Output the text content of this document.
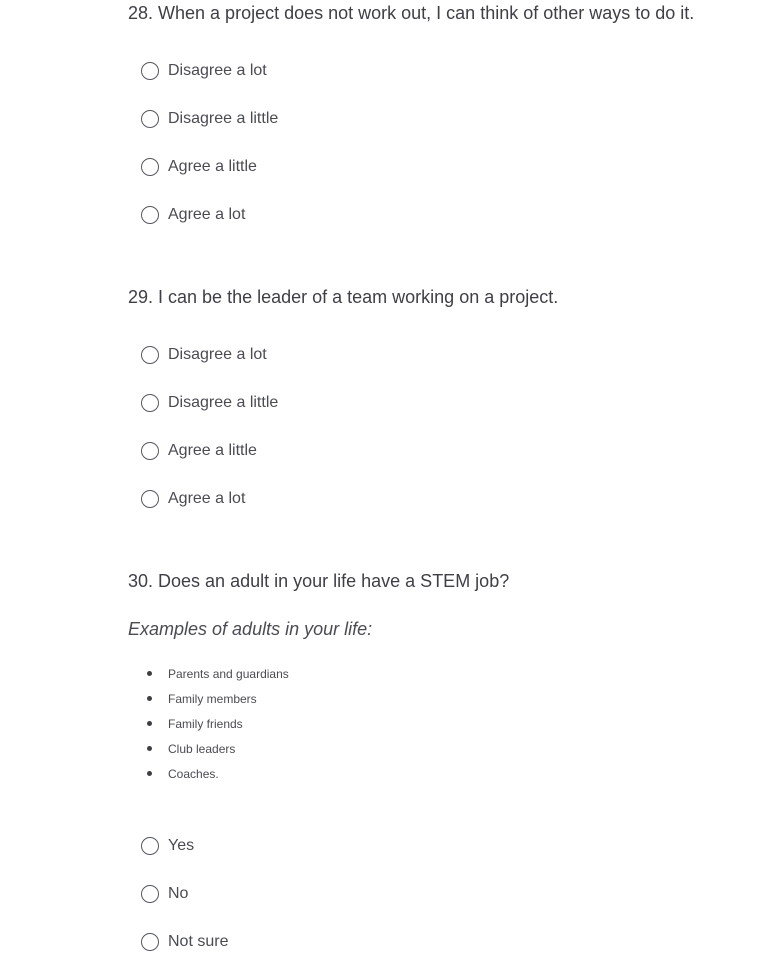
28. When a project does not work out, I can think of other ways to do it.

Disagree a lot
Disagree a little
Agree a little
Agree a lot

29. I can be the leader of a team working on a project.

Disagree a lot
Disagree a little
Agree a little
Agree a lot

30. Does an adult in your life have a STEM job?

Examples of adults in your life:
Parents and guardians
Family members
Family friends
Club leaders
Coaches.
Yes
No
Not sure
